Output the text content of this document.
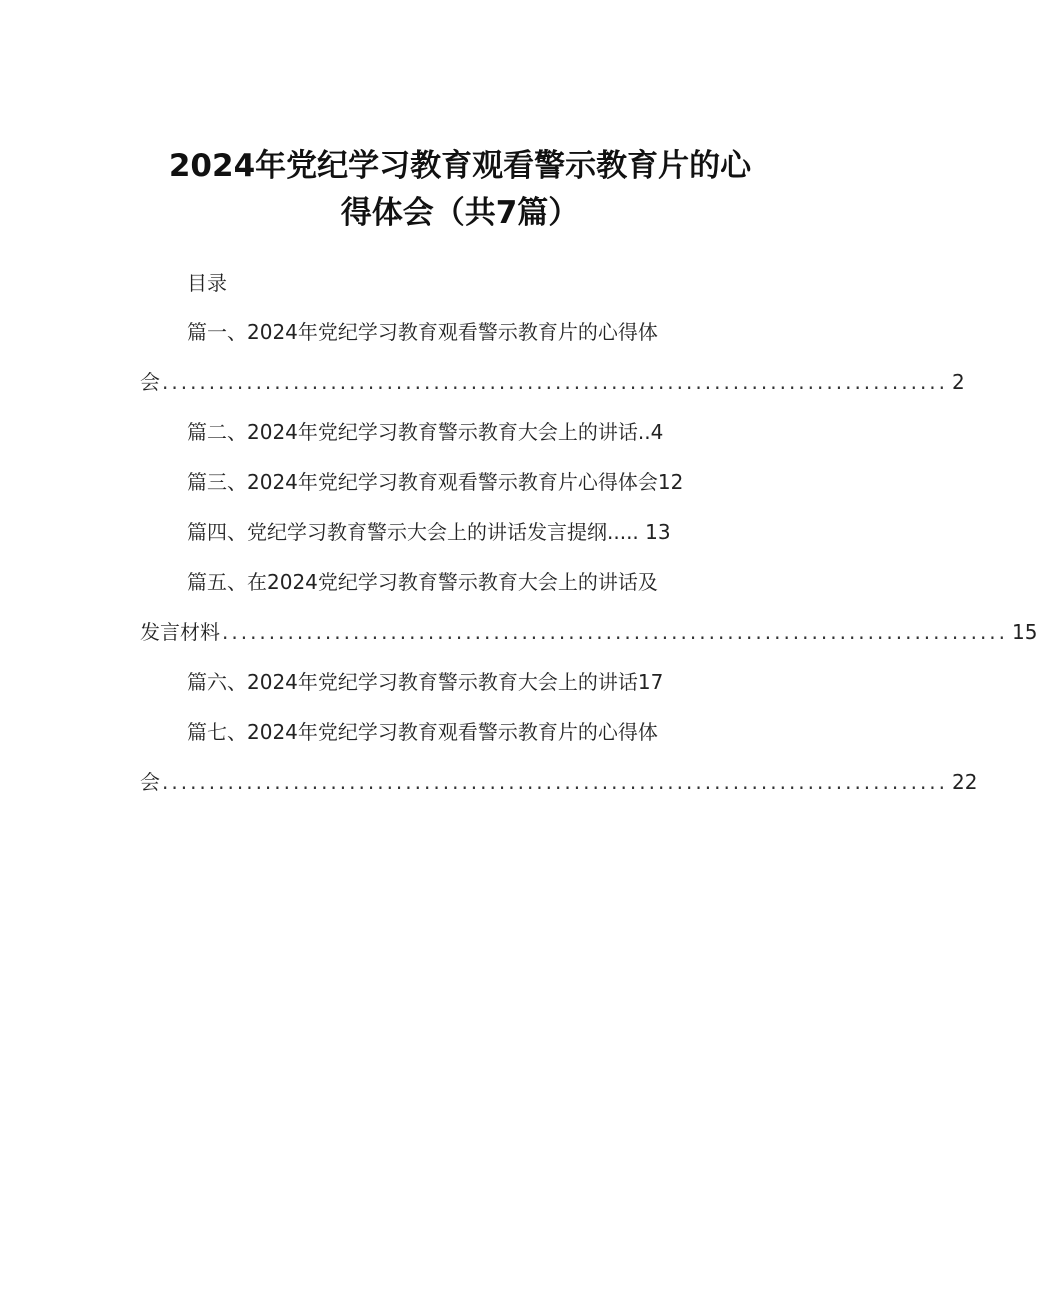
2024年党纪学习教育观看警示教育片的心
得体会（共7篇）
目录
篇一、2024年党纪学习教育观看警示教育片的心得体
会 .................................................................................... 2
篇二、2024年党纪学习教育警示教育大会上的讲话..4
篇三、2024年党纪学习教育观看警示教育片心得体会12
篇四、党纪学习教育警示大会上的讲话发言提纲..... 13
篇五、在2024党纪学习教育警示教育大会上的讲话及
发言材料 .................................................................................... 15
篇六、2024年党纪学习教育警示教育大会上的讲话17
篇七、2024年党纪学习教育观看警示教育片的心得体
会 .................................................................................... 22
